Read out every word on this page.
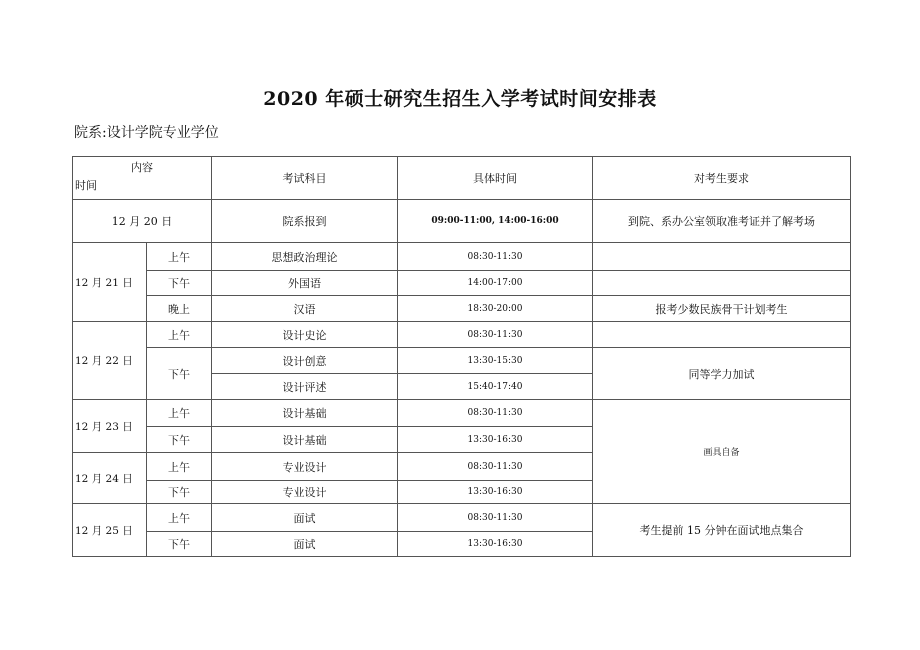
2020 年硕士研究生招生入学考试时间安排表
院系:设计学院专业学位
内容
时间		考试科目	具体时间	对考生要求
12 月 20 日		院系报到	09:00-11:00, 14:00-16:00	到院、系办公室领取准考证并了解考场
12 月 21 日	上午	思想政治理论	08:30-11:30	
	下午	外国语	14:00-17:00	
	晚上	汉语	18:30-20:00	报考少数民族骨干计划考生
12 月 22 日	上午	设计史论	08:30-11:30	
	下午	设计创意	13:30-15:30	同等学力加试
		设计评述	15:40-17:40	
12 月 23 日	上午	设计基础	08:30-11:30	画具自备
	下午	设计基础	13:30-16:30	
12 月 24 日	上午	专业设计	08:30-11:30	
	下午	专业设计	13:30-16:30	
12 月 25 日	上午	面试	08:30-11:30	考生提前 15 分钟在面试地点集合
	下午	面试	13:30-16:30	
